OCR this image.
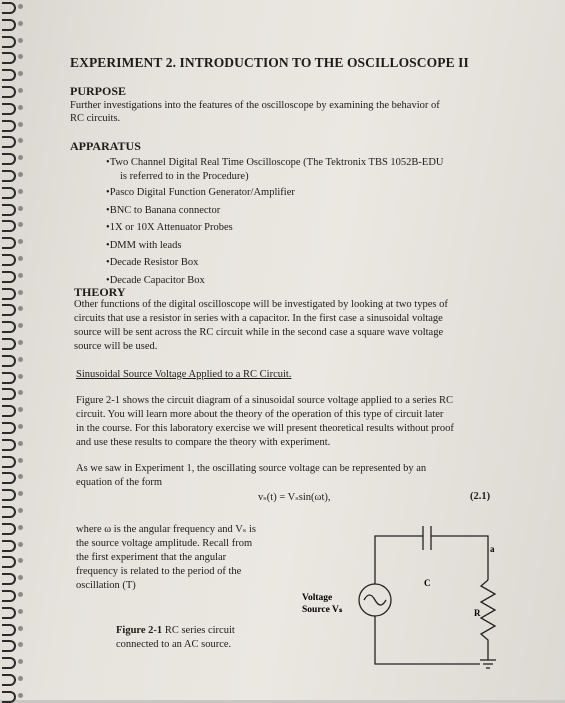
EXPERIMENT 2. INTRODUCTION TO THE OSCILLOSCOPE II

PURPOSE

Further investigations into the features of the oscilloscope by examining the behavior of

RC circuits.

APPARATUS

•Two Channel Digital Real Time Oscilloscope (The Tektronix TBS 1052B-EDU
is referred to in the Procedure)
•Pasco Digital Function Generator/Amplifier
•BNC to Banana connector
•1X or 10X Attenuator Probes
•DMM with leads
•Decade Resistor Box
•Decade Capacitor Box

THEORY

Other functions of the digital oscilloscope will be investigated by looking at two types of

circuits that use a resistor in series with a capacitor. In the first case a sinusoidal voltage

source will be sent across the RC circuit while in the second case a square wave voltage

source will be used.

Sinusoidal Source Voltage Applied to a RC Circuit.

Figure 2-1 shows the circuit diagram of a sinusoidal source voltage applied to a series RC

circuit. You will learn more about the theory of the operation of this type of circuit later

in the course. For this laboratory exercise we will present theoretical results without proof

and use these results to compare the theory with experiment.

As we saw in Experiment 1, the oscillating source voltage can be represented by an

equation of the form

vₛ(t) = Vₛsin(ωt),	(2.1)

where ω is the angular frequency and Vₛ is

the source voltage amplitude. Recall from

the first experiment that the angular

frequency is related to the period of the

oscillation (T)

Figure 2-1 RC series circuit

connected to an AC source.

a
C
R
Voltage
Source Vₛ
